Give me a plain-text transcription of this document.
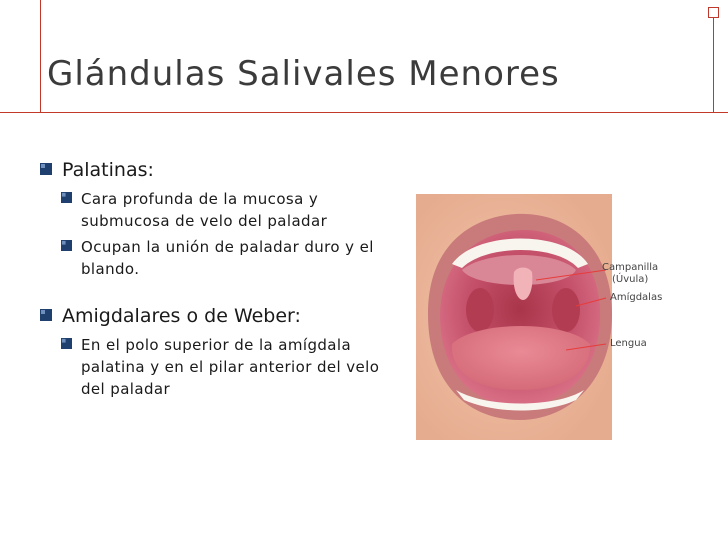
Glándulas Salivales Menores
Palatinas:
Cara profunda de la mucosa y submucosa de velo del paladar
Ocupan la unión de paladar duro y el blando.
Amigdalares o de Weber:
En el polo superior de la amígdala palatina y en el pilar anterior del velo del paladar
Campanilla
(Úvula)
Amígdalas
Lengua
